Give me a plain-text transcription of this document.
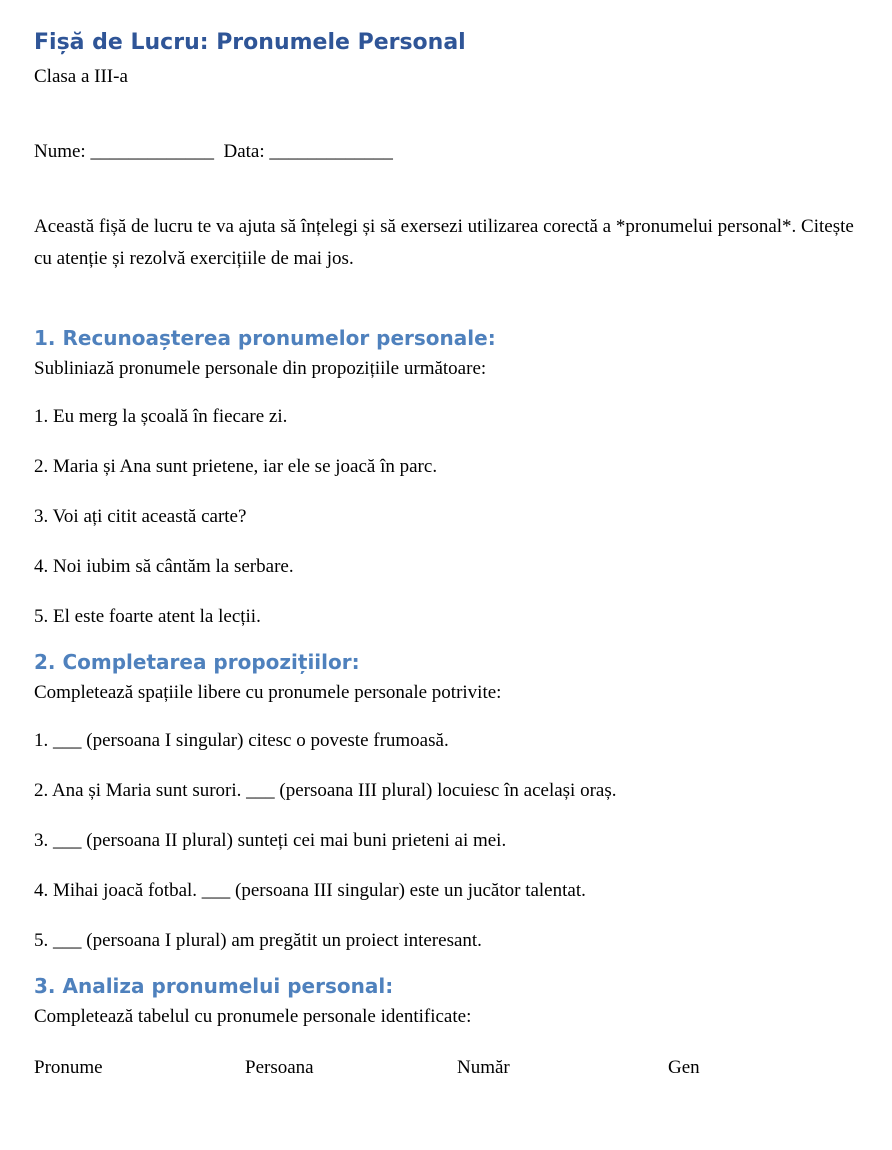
Fișă de Lucru: Pronumele Personal

Clasa a III-a

Nume: _____________ Data: _____________

Această fișă de lucru te va ajuta să înțelegi și să exersezi utilizarea corectă a *pronumelui personal*. Citește cu atenție și rezolvă exercițiile de mai jos.

1. Recunoașterea pronumelor personale:

Subliniază pronumele personale din propozițiile următoare:

1. Eu merg la școală în fiecare zi.

2. Maria și Ana sunt prietene, iar ele se joacă în parc.

3. Voi ați citit această carte?

4. Noi iubim să cântăm la serbare.

5. El este foarte atent la lecții.

2. Completarea propozițiilor:

Completează spațiile libere cu pronumele personale potrivite:

1. ___ (persoana I singular) citesc o poveste frumoasă.

2. Ana și Maria sunt surori. ___ (persoana III plural) locuiesc în același oraș.

3. ___ (persoana II plural) sunteți cei mai buni prieteni ai mei.

4. Mihai joacă fotbal. ___ (persoana III singular) este un jucător talentat.

5. ___ (persoana I plural) am pregătit un proiect interesant.

3. Analiza pronumelui personal:

Completează tabelul cu pronumele personale identificate:

Pronume	Persoana	Număr	Gen
